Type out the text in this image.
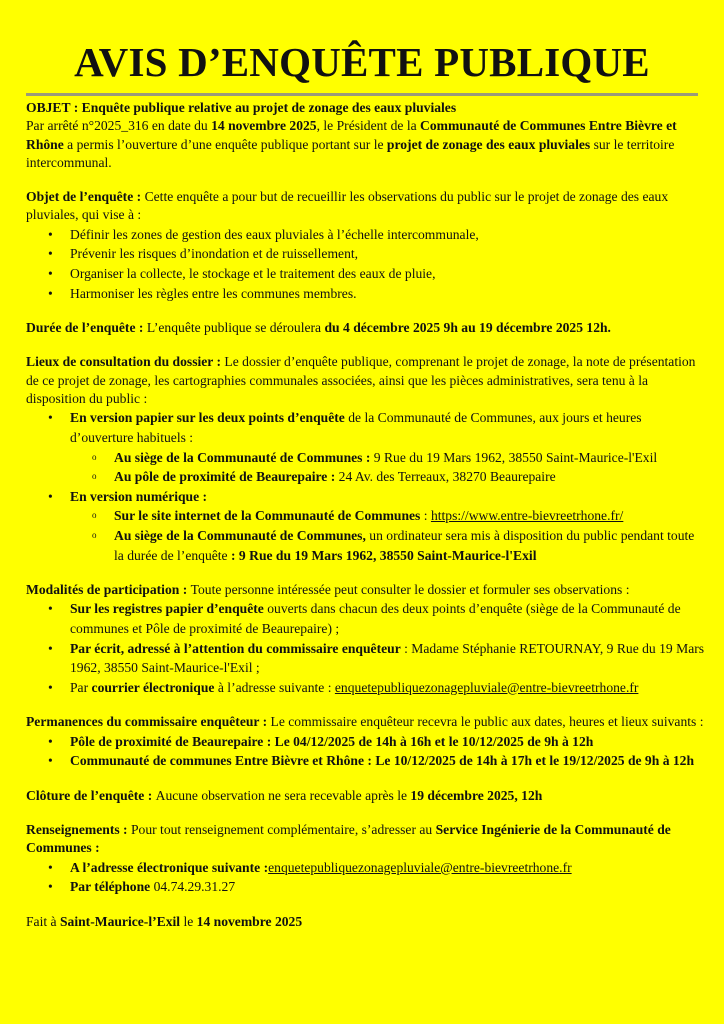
AVIS D’ENQUÊTE PUBLIQUE

OBJET : Enquête publique relative au projet de zonage des eaux pluviales

Par arrêté n°2025_316 en date du 14 novembre 2025, le Président de la Communauté de Communes Entre Bièvre et Rhône a permis l’ouverture d’une enquête publique portant sur le projet de zonage des eaux pluviales sur le territoire intercommunal.

Objet de l’enquête : Cette enquête a pour but de recueillir les observations du public sur le projet de zonage des eaux pluviales, qui vise à :

• Définir les zones de gestion des eaux pluviales à l’échelle intercommunale,
• Prévenir les risques d’inondation et de ruissellement,
• Organiser la collecte, le stockage et le traitement des eaux de pluie,
• Harmoniser les règles entre les communes membres.

Durée de l’enquête : L’enquête publique se déroulera du 4 décembre 2025 9h au 19 décembre 2025 12h.

Lieux de consultation du dossier : Le dossier d’enquête publique, comprenant le projet de zonage, la note de présentation de ce projet de zonage, les cartographies communales associées, ainsi que les pièces administratives, sera tenu à la disposition du public :

• En version papier sur les deux points d’enquête de la Communauté de Communes, aux jours et heures d’ouverture habituels :
o Au siège de la Communauté de Communes : 9 Rue du 19 Mars 1962, 38550 Saint-Maurice-l'Exil
o Au pôle de proximité de Beaurepaire : 24 Av. des Terreaux, 38270 Beaurepaire
• En version numérique :
o Sur le site internet de la Communauté de Communes : https://www.entre-bievreetrhone.fr/
o Au siège de la Communauté de Communes, un ordinateur sera mis à disposition du public pendant toute la durée de l’enquête : 9 Rue du 19 Mars 1962, 38550 Saint-Maurice-l'Exil

Modalités de participation : Toute personne intéressée peut consulter le dossier et formuler ses observations :

• Sur les registres papier d’enquête ouverts dans chacun des deux points d’enquête (siège de la Communauté de communes et Pôle de proximité de Beaurepaire) ;
• Par écrit, adressé à l’attention du commissaire enquêteur : Madame Stéphanie RETOURNAY, 9 Rue du 19 Mars 1962, 38550 Saint-Maurice-l'Exil ;
• Par courrier électronique à l’adresse suivante : enquetepubliquezonagepluviale@entre-bievreetrhone.fr

Permanences du commissaire enquêteur : Le commissaire enquêteur recevra le public aux dates, heures et lieux suivants :

• Pôle de proximité de Beaurepaire : Le 04/12/2025 de 14h à 16h et le 10/12/2025 de 9h à 12h
• Communauté de communes Entre Bièvre et Rhône : Le 10/12/2025 de 14h à 17h et le 19/12/2025 de 9h à 12h

Clôture de l’enquête : Aucune observation ne sera recevable après le 19 décembre 2025, 12h

Renseignements : Pour tout renseignement complémentaire, s’adresser au Service Ingénierie de la Communauté de Communes :

• A l’adresse électronique suivante :enquetepubliquezonagepluviale@entre-bievreetrhone.fr
• Par téléphone 04.74.29.31.27

Fait à Saint-Maurice-l’Exil le 14 novembre 2025
